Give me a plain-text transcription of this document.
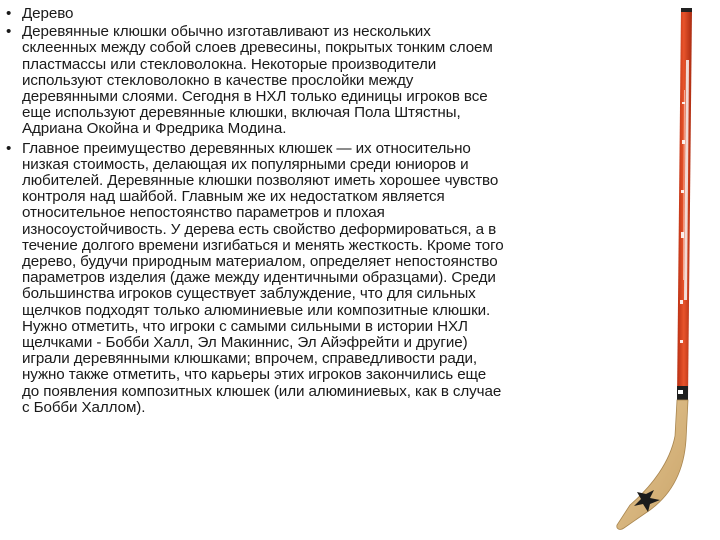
• Дерево
• Деревянные клюшки обычно изготавливают из нескольких склеенных между собой слоев древесины, покрытых тонким слоем пластмассы или стекловолокна. Некоторые производители используют стекловолокно в качестве прослойки между деревянными слоями. Сегодня в НХЛ только единицы игроков все еще используют деревянные клюшки, включая Пола Штястны, Адриана Окойна и Фредрика Модина.
• Главное преимущество деревянных клюшек — их относительно низкая стоимость, делающая их популярными среди юниоров и любителей. Деревянные клюшки позволяют иметь хорошее чувство контроля над шайбой. Главным же их недостатком является относительное непостоянство параметров и плохая износоустойчивость. У дерева есть свойство деформироваться, а в течение долгого времени изгибаться и менять жесткость. Кроме того дерево, будучи природным материалом, определяет непостоянство параметров изделия (даже между идентичными образцами). Среди большинства игроков существует заблуждение, что для сильных щелчков подходят только алюминиевые или композитные клюшки. Нужно отметить, что игроки с самыми сильными в истории НХЛ щелчками - Бобби Халл, Эл Макиннис, Эл Айэфрейти и другие) играли деревянными клюшками; впрочем, справедливости ради, нужно также отметить, что карьеры этих игроков закончились еще до появления композитных клюшек (или алюминиевых, как в случае с Бобби Халлом).
